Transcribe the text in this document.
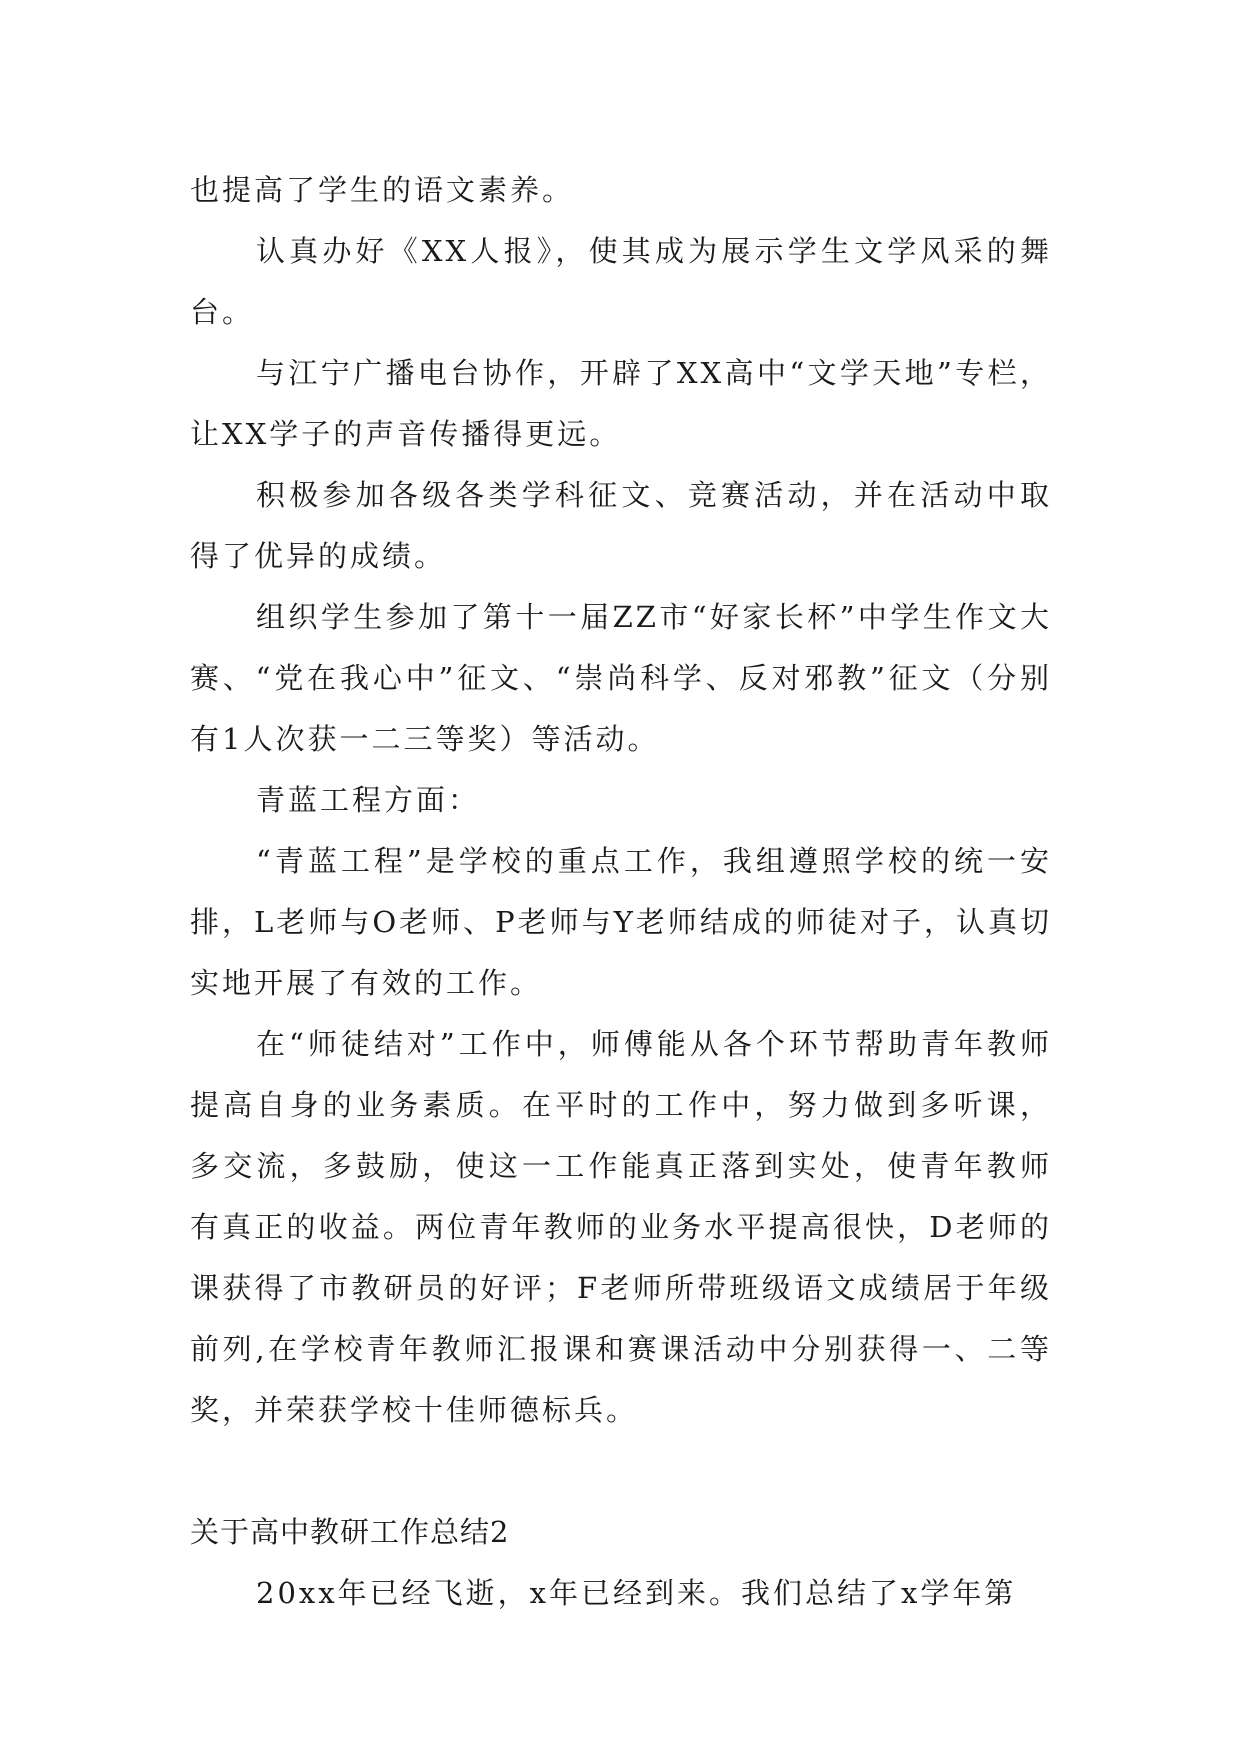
也提高了学生的语文素养。

认真办好《XX人报》，使其成为展示学生文学风采的舞台。

与江宁广播电台协作，开辟了XX高中“文学天地”专栏，让XX学子的声音传播得更远。

积极参加各级各类学科征文、竞赛活动，并在活动中取得了优异的成绩。

组织学生参加了第十一届ZZ市“好家长杯”中学生作文大赛、“党在我心中”征文、“崇尚科学、反对邪教”征文（分别有1人次获一二三等奖）等活动。

青蓝工程方面：

“青蓝工程”是学校的重点工作，我组遵照学校的统一安排，L老师与O老师、P老师与Y老师结成的师徒对子，认真切实地开展了有效的工作。

在“师徒结对”工作中，师傅能从各个环节帮助青年教师提高自身的业务素质。在平时的工作中，努力做到多听课，多交流，多鼓励，使这一工作能真正落到实处，使青年教师有真正的收益。两位青年教师的业务水平提高很快，D老师的课获得了市教研员的好评；F老师所带班级语文成绩居于年级前列,在学校青年教师汇报课和赛课活动中分别获得一、二等奖，并荣获学校十佳师德标兵。

关于高中教研工作总结2

20xx年已经飞逝，x年已经到来。我们总结了x学年第
